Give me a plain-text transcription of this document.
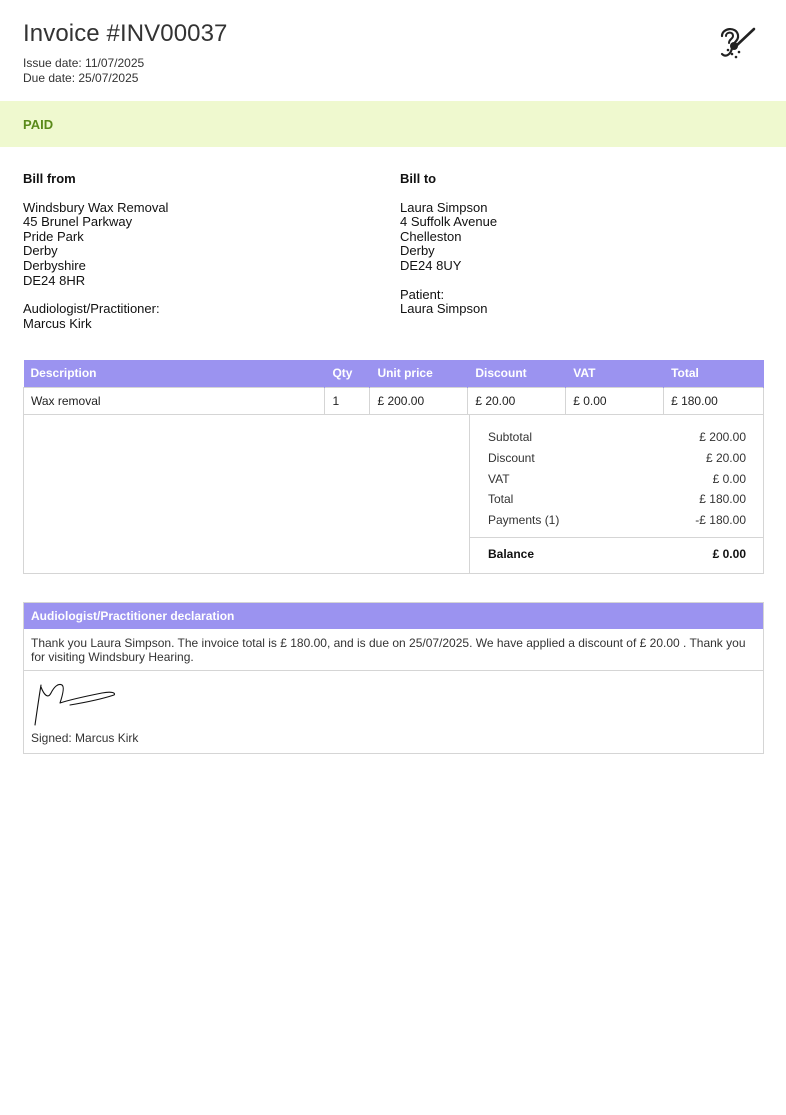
Invoice #INV00037
Issue date: 11/07/2025
Due date: 25/07/2025
PAID
Bill from
Windsbury Wax Removal
45 Brunel Parkway
Pride Park
Derby
Derbyshire
DE24 8HR
Audiologist/Practitioner:
Marcus Kirk
Bill to
Laura Simpson
4 Suffolk Avenue
Chelleston
Derby
DE24 8UY
Patient:
Laura Simpson
Description	Qty	Unit price	Discount	VAT	Total
Wax removal	1	£ 200.00	£ 20.00	£ 0.00	£ 180.00
Subtotal	£ 200.00
Discount	£ 20.00
VAT	£ 0.00
Total	£ 180.00
Payments (1)	-£ 180.00
Balance	£ 0.00
Audiologist/Practitioner declaration
Thank you Laura Simpson. The invoice total is £ 180.00, and is due on 25/07/2025. We have applied a discount of £ 20.00 . Thank you for visiting Windsbury Hearing.
Signed: Marcus Kirk
